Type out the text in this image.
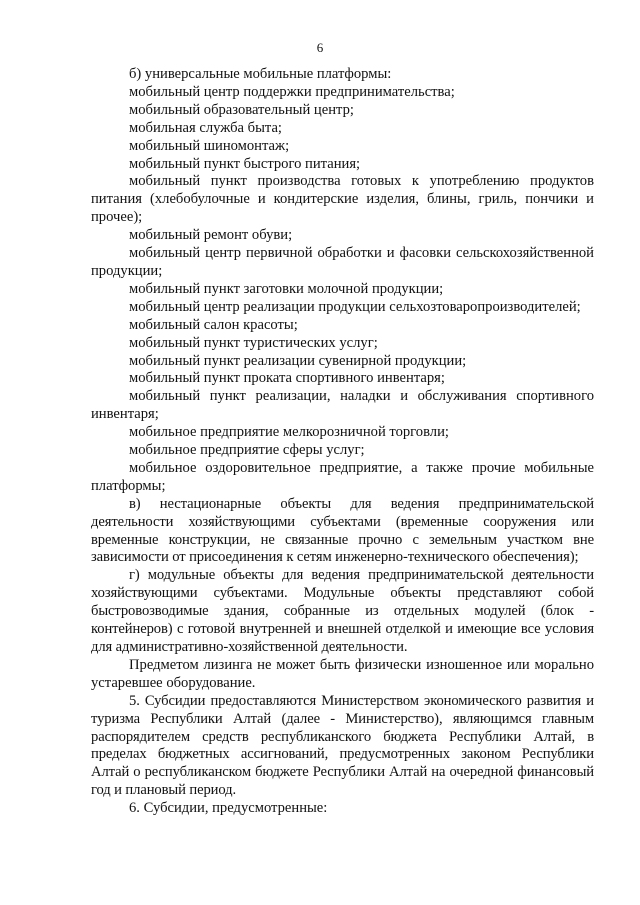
6

б) универсальные мобильные платформы:

мобильный центр поддержки предпринимательства;

мобильный образовательный центр;

мобильная служба быта;

мобильный шиномонтаж;

мобильный пункт быстрого питания;

мобильный пункт производства готовых к употреблению продуктов питания (хлебобулочные и кондитерские изделия, блины, гриль, пончики и прочее);

мобильный ремонт обуви;

мобильный центр первичной обработки и фасовки сельскохозяйственной продукции;

мобильный пункт заготовки молочной продукции;

мобильный центр реализации продукции сельхозтоваропроизводителей;

мобильный салон красоты;

мобильный пункт туристических услуг;

мобильный пункт реализации сувенирной продукции;

мобильный пункт проката спортивного инвентаря;

мобильный пункт реализации, наладки и обслуживания спортивного инвентаря;

мобильное предприятие мелкорозничной торговли;

мобильное предприятие сферы услуг;

мобильное оздоровительное предприятие, а также прочие мобильные платформы;

в) нестационарные объекты для ведения предпринимательской деятельности хозяйствующими субъектами (временные сооружения или временные конструкции, не связанные прочно с земельным участком вне зависимости от присоединения к сетям инженерно-технического обеспечения);

г) модульные объекты для ведения предпринимательской деятельности хозяйствующими субъектами. Модульные объекты представляют собой быстровозводимые здания, собранные из отдельных модулей (блок - контейнеров) с готовой внутренней и внешней отделкой и имеющие все условия для административно-хозяйственной деятельности.

Предметом лизинга не может быть физически изношенное или морально устаревшее оборудование.

5. Субсидии предоставляются Министерством экономического развития и туризма Республики Алтай (далее - Министерство), являющимся главным распорядителем средств республиканского бюджета Республики Алтай, в пределах бюджетных ассигнований, предусмотренных законом Республики Алтай о республиканском бюджете Республики Алтай на очередной финансовый год и плановый период.

6. Субсидии, предусмотренные:
